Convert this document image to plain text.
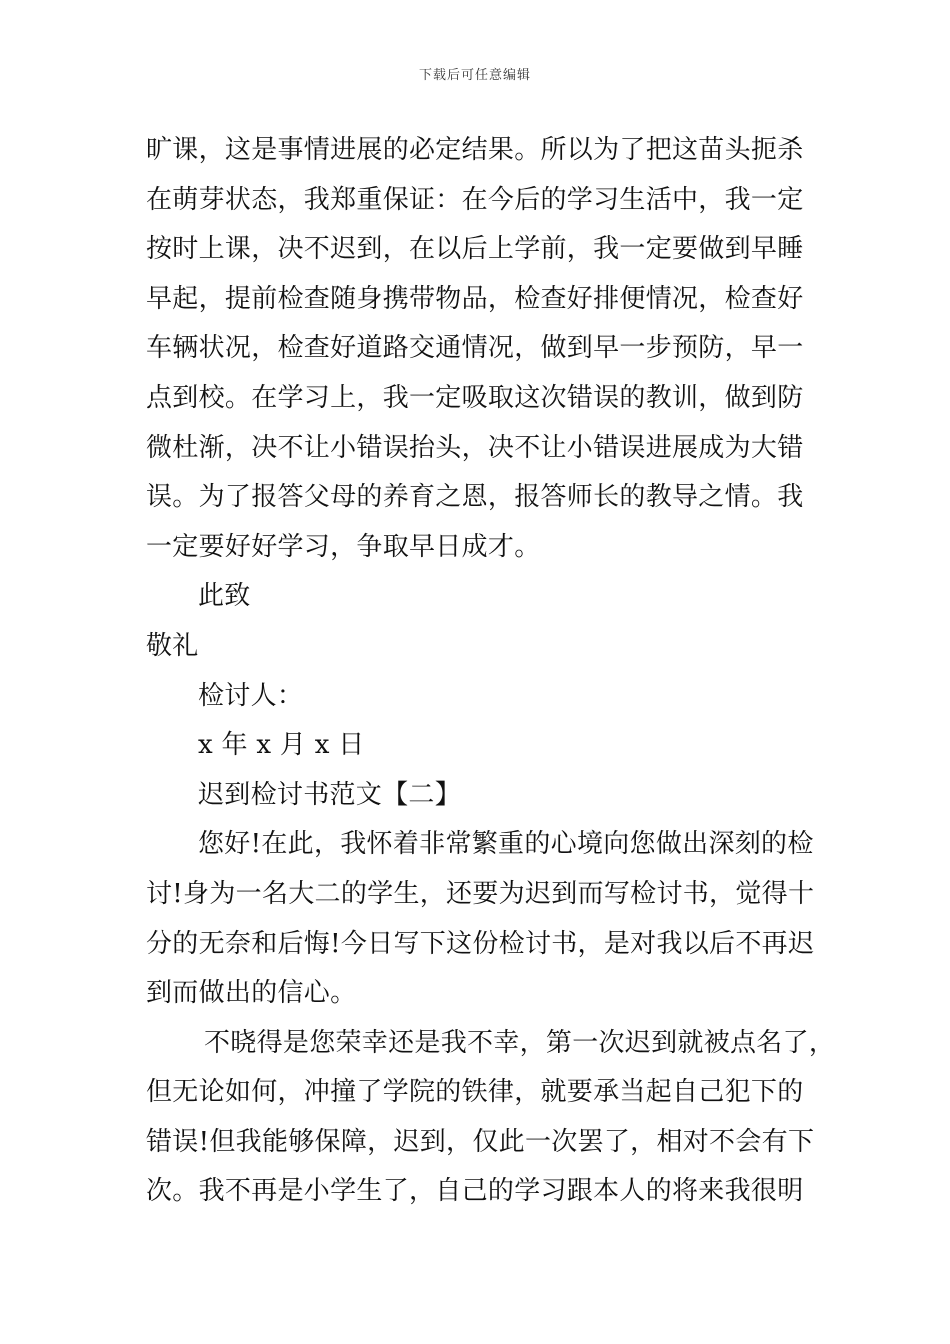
下载后可任意编辑
旷课，这是事情进展的必定结果。所以为了把这苗头扼杀
在萌芽状态，我郑重保证：在今后的学习生活中，我一定
按时上课，决不迟到，在以后上学前，我一定要做到早睡
早起，提前检查随身携带物品，检查好排便情况，检查好
车辆状况，检查好道路交通情况，做到早一步预防，早一
点到校。在学习上，我一定吸取这次错误的教训，做到防
微杜渐，决不让小错误抬头，决不让小错误进展成为大错
误。为了报答父母的养育之恩，报答师长的教导之情。我
一定要好好学习，争取早日成才。
此致
敬礼
检讨人：
x 年 x 月 x 日
迟到检讨书范文【二】
您好!在此，我怀着非常繁重的心境向您做出深刻的检
讨!身为一名大二的学生，还要为迟到而写检讨书，觉得十
分的无奈和后悔!今日写下这份检讨书，是对我以后不再迟
到而做出的信心。
不晓得是您荣幸还是我不幸，第一次迟到就被点名了，
但无论如何，冲撞了学院的铁律，就要承当起自己犯下的
错误!但我能够保障，迟到，仅此一次罢了，相对不会有下
次。我不再是小学生了，自己的学习跟本人的将来我很明
